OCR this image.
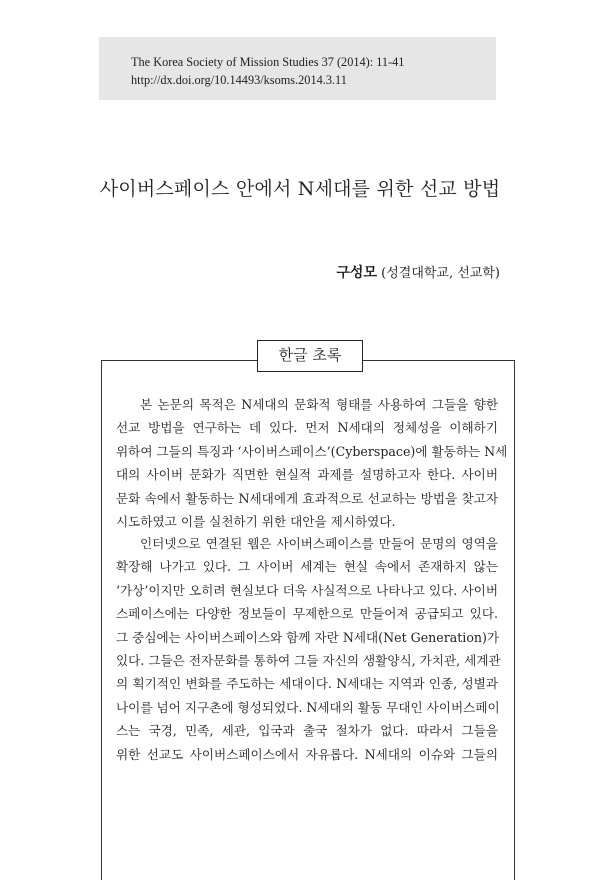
The Korea Society of Mission Studies 37 (2014): 11-41
http://dx.doi.org/10.14493/ksoms.2014.3.11
사이버스페이스 안에서 N세대를 위한 선교 방법
구성모 (성결대학교, 선교학)
한글 초록

본 논문의 목적은 N세대의 문화적 형태를 사용하여 그들을 향한
선교 방법을 연구하는 데 있다. 먼저 N세대의 정체성을 이해하기
위하여 그들의 특징과 ‘사이버스페이스’(Cyberspace)에 활동하는 N세
대의 사이버 문화가 직면한 현실적 과제를 설명하고자 한다. 사이버
문화 속에서 활동하는 N세대에게 효과적으로 선교하는 방법을 찾고자
시도하였고 이를 실천하기 위한 대안을 제시하였다.

인터넷으로 연결된 웹은 사이버스페이스를 만들어 문명의 영역을
확장해 나가고 있다. 그 사이버 세계는 현실 속에서 존재하지 않는
‘가상’이지만 오히려 현실보다 더욱 사실적으로 나타나고 있다. 사이버
스페이스에는 다양한 정보들이 무제한으로 만들어져 공급되고 있다.
그 중심에는 사이버스페이스와 함께 자란 N세대(Net Generation)가
있다. 그들은 전자문화를 통하여 그들 자신의 생활양식, 가치관, 세계관
의 획기적인 변화를 주도하는 세대이다. N세대는 지역과 인종, 성별과
나이를 넘어 지구촌에 형성되었다. N세대의 활동 무대인 사이버스페이
스는 국경, 민족, 세관, 입국과 출국 절차가 없다. 따라서 그들을
위한 선교도 사이버스페이스에서 자유롭다. N세대의 이슈와 그들의
